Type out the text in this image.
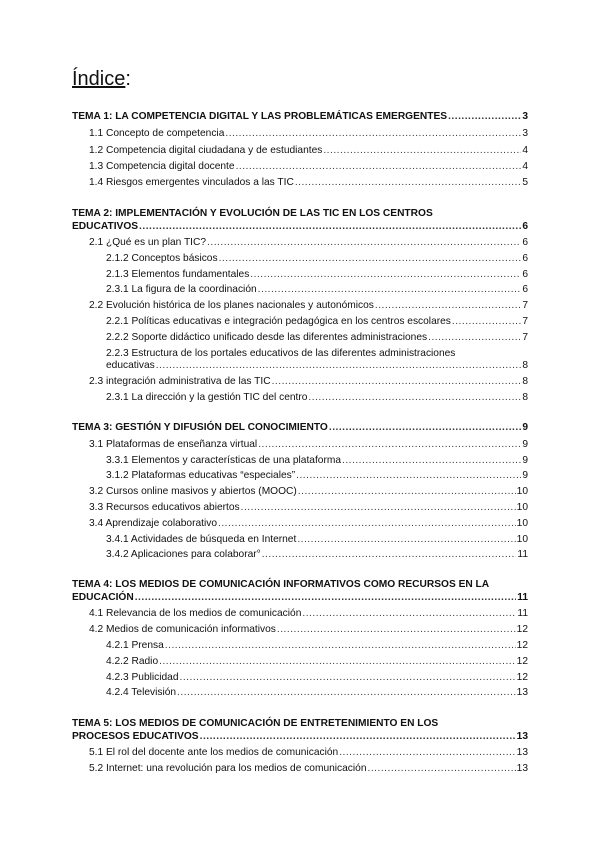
Índice:
TEMA 1: LA COMPETENCIA DIGITAL Y LAS PROBLEMÁTICAS EMERGENTES .....	3
1.1 Concepto de competencia .....	3
1.2 Competencia digital ciudadana y de estudiantes .....	4
1.3 Competencia digital docente .....	4
1.4 Riesgos emergentes vinculados a las TIC .....	5
TEMA 2: IMPLEMENTACIÓN Y EVOLUCIÓN DE LAS TIC EN LOS CENTROS
EDUCATIVOS .....	6
2.1 ¿Qué es un plan TIC? .....	6
2.1.2 Conceptos básicos .....	6
2.1.3 Elementos fundamentales .....	6
2.3.1 La figura de la coordinación .....	6
2.2 Evolución histórica de los planes nacionales y autonómicos .....	7
2.2.1 Políticas educativas e integración pedagógica en los centros escolares .....	7
2.2.2 Soporte didáctico unificado desde las diferentes administraciones .....	7
2.2.3 Estructura de los portales educativos de las diferentes administraciones
educativas .....	8
2.3 integración administrativa de las TIC .....	8
2.3.1 La dirección y la gestión TIC del centro .....	8
TEMA 3: GESTIÓN Y DIFUSIÓN DEL CONOCIMIENTO .....	9
3.1 Plataformas de enseñanza virtual .....	9
3.3.1 Elementos y características de una plataforma .....	9
3.1.2 Plataformas educativas “especiales” .....	9
3.2 Cursos online masivos y abiertos (MOOC) .....	10
3.3 Recursos educativos abiertos .....	10
3.4 Aprendizaje colaborativo .....	10
3.4.1 Actividades de búsqueda en Internet .....	10
3.4.2 Aplicaciones para colaborar° .....	11
TEMA 4: LOS MEDIOS DE COMUNICACIÓN INFORMATIVOS COMO RECURSOS EN LA
EDUCACIÓN .....	11
4.1 Relevancia de los medios de comunicación .....	11
4.2 Medios de comunicación informativos .....	12
4.2.1 Prensa .....	12
4.2.2 Radio .....	12
4.2.3 Publicidad .....	12
4.2.4 Televisión .....	13
TEMA 5: LOS MEDIOS DE COMUNICACIÓN DE ENTRETENIMIENTO EN LOS
PROCESOS EDUCATIVOS .....	13
5.1 El rol del docente ante los medios de comunicación .....	13
5.2 Internet: una revolución para los medios de comunicación .....	13
